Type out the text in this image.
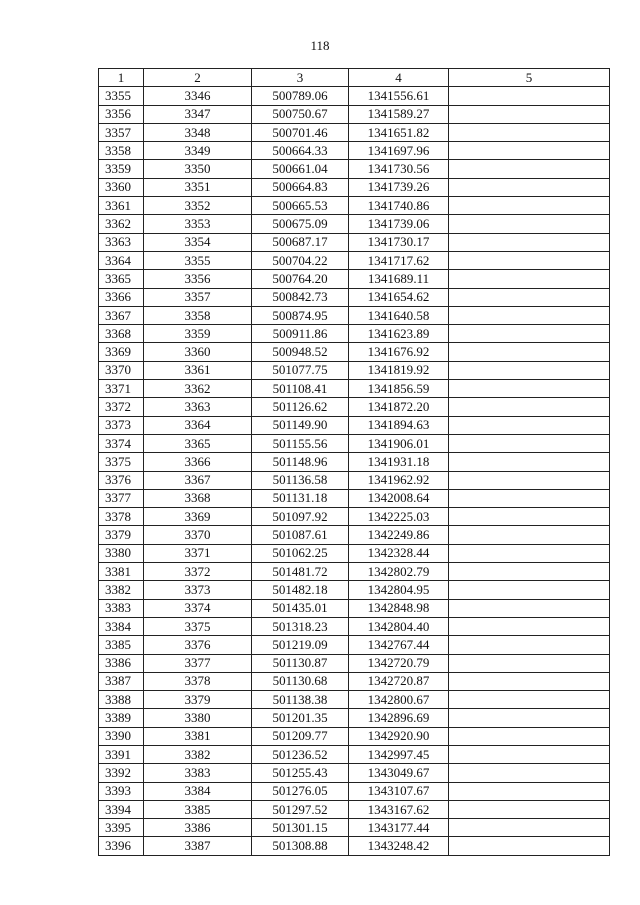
118
1	2	3	4	5
3355	3346	500789.06	1341556.61	
3356	3347	500750.67	1341589.27	
3357	3348	500701.46	1341651.82	
3358	3349	500664.33	1341697.96	
3359	3350	500661.04	1341730.56	
3360	3351	500664.83	1341739.26	
3361	3352	500665.53	1341740.86	
3362	3353	500675.09	1341739.06	
3363	3354	500687.17	1341730.17	
3364	3355	500704.22	1341717.62	
3365	3356	500764.20	1341689.11	
3366	3357	500842.73	1341654.62	
3367	3358	500874.95	1341640.58	
3368	3359	500911.86	1341623.89	
3369	3360	500948.52	1341676.92	
3370	3361	501077.75	1341819.92	
3371	3362	501108.41	1341856.59	
3372	3363	501126.62	1341872.20	
3373	3364	501149.90	1341894.63	
3374	3365	501155.56	1341906.01	
3375	3366	501148.96	1341931.18	
3376	3367	501136.58	1341962.92	
3377	3368	501131.18	1342008.64	
3378	3369	501097.92	1342225.03	
3379	3370	501087.61	1342249.86	
3380	3371	501062.25	1342328.44	
3381	3372	501481.72	1342802.79	
3382	3373	501482.18	1342804.95	
3383	3374	501435.01	1342848.98	
3384	3375	501318.23	1342804.40	
3385	3376	501219.09	1342767.44	
3386	3377	501130.87	1342720.79	
3387	3378	501130.68	1342720.87	
3388	3379	501138.38	1342800.67	
3389	3380	501201.35	1342896.69	
3390	3381	501209.77	1342920.90	
3391	3382	501236.52	1342997.45	
3392	3383	501255.43	1343049.67	
3393	3384	501276.05	1343107.67	
3394	3385	501297.52	1343167.62	
3395	3386	501301.15	1343177.44	
3396	3387	501308.88	1343248.42	
